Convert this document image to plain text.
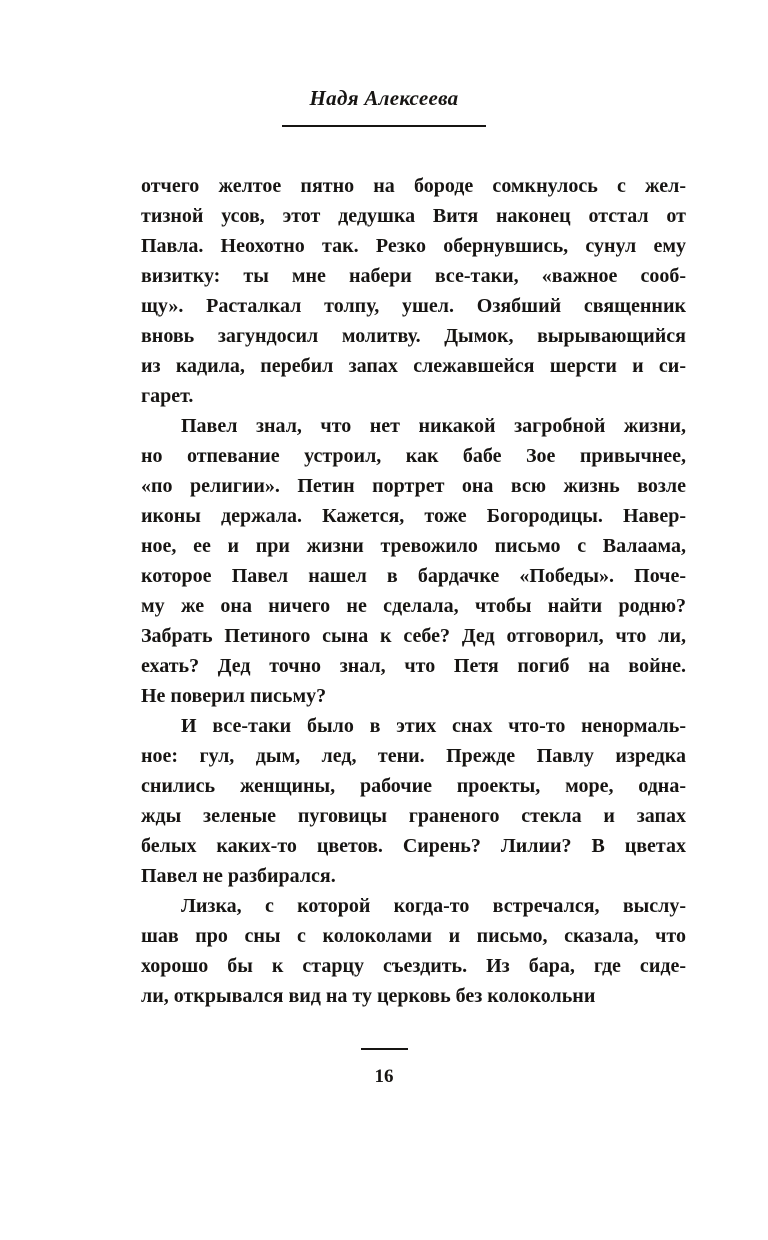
Надя Алексеева
отчего желтое пятно на бороде сомкнулось с жел-
тизной усов, этот дедушка Витя наконец отстал от
Павла. Неохотно так. Резко обернувшись, сунул ему
визитку: ты мне набери все-таки, «важное сооб-
щу». Расталкал толпу, ушел. Озябший священник
вновь загундосил молитву. Дымок, вырывающийся
из кадила, перебил запах слежавшейся шерсти и си-
гарет.
Павел знал, что нет никакой загробной жизни,
но отпевание устроил, как бабе Зое привычнее,
«по религии». Петин портрет она всю жизнь возле
иконы держала. Кажется, тоже Богородицы. Навер-
ное, ее и при жизни тревожило письмо с Валаама,
которое Павел нашел в бардачке «Победы». Поче-
му же она ничего не сделала, чтобы найти родню?
Забрать Петиного сына к себе? Дед отговорил, что ли,
ехать? Дед точно знал, что Петя погиб на войне.
Не поверил письму?
И все-таки было в этих снах что-то ненормаль-
ное: гул, дым, лед, тени. Прежде Павлу изредка
снились женщины, рабочие проекты, море, одна-
жды зеленые пуговицы граненого стекла и запах
белых каких-то цветов. Сирень? Лилии? В цветах
Павел не разбирался.
Лизка, с которой когда-то встречался, выслу-
шав про сны с колоколами и письмо, сказала, что
хорошо бы к старцу съездить. Из бара, где сиде-
ли, открывался вид на ту церковь без колокольни
16
